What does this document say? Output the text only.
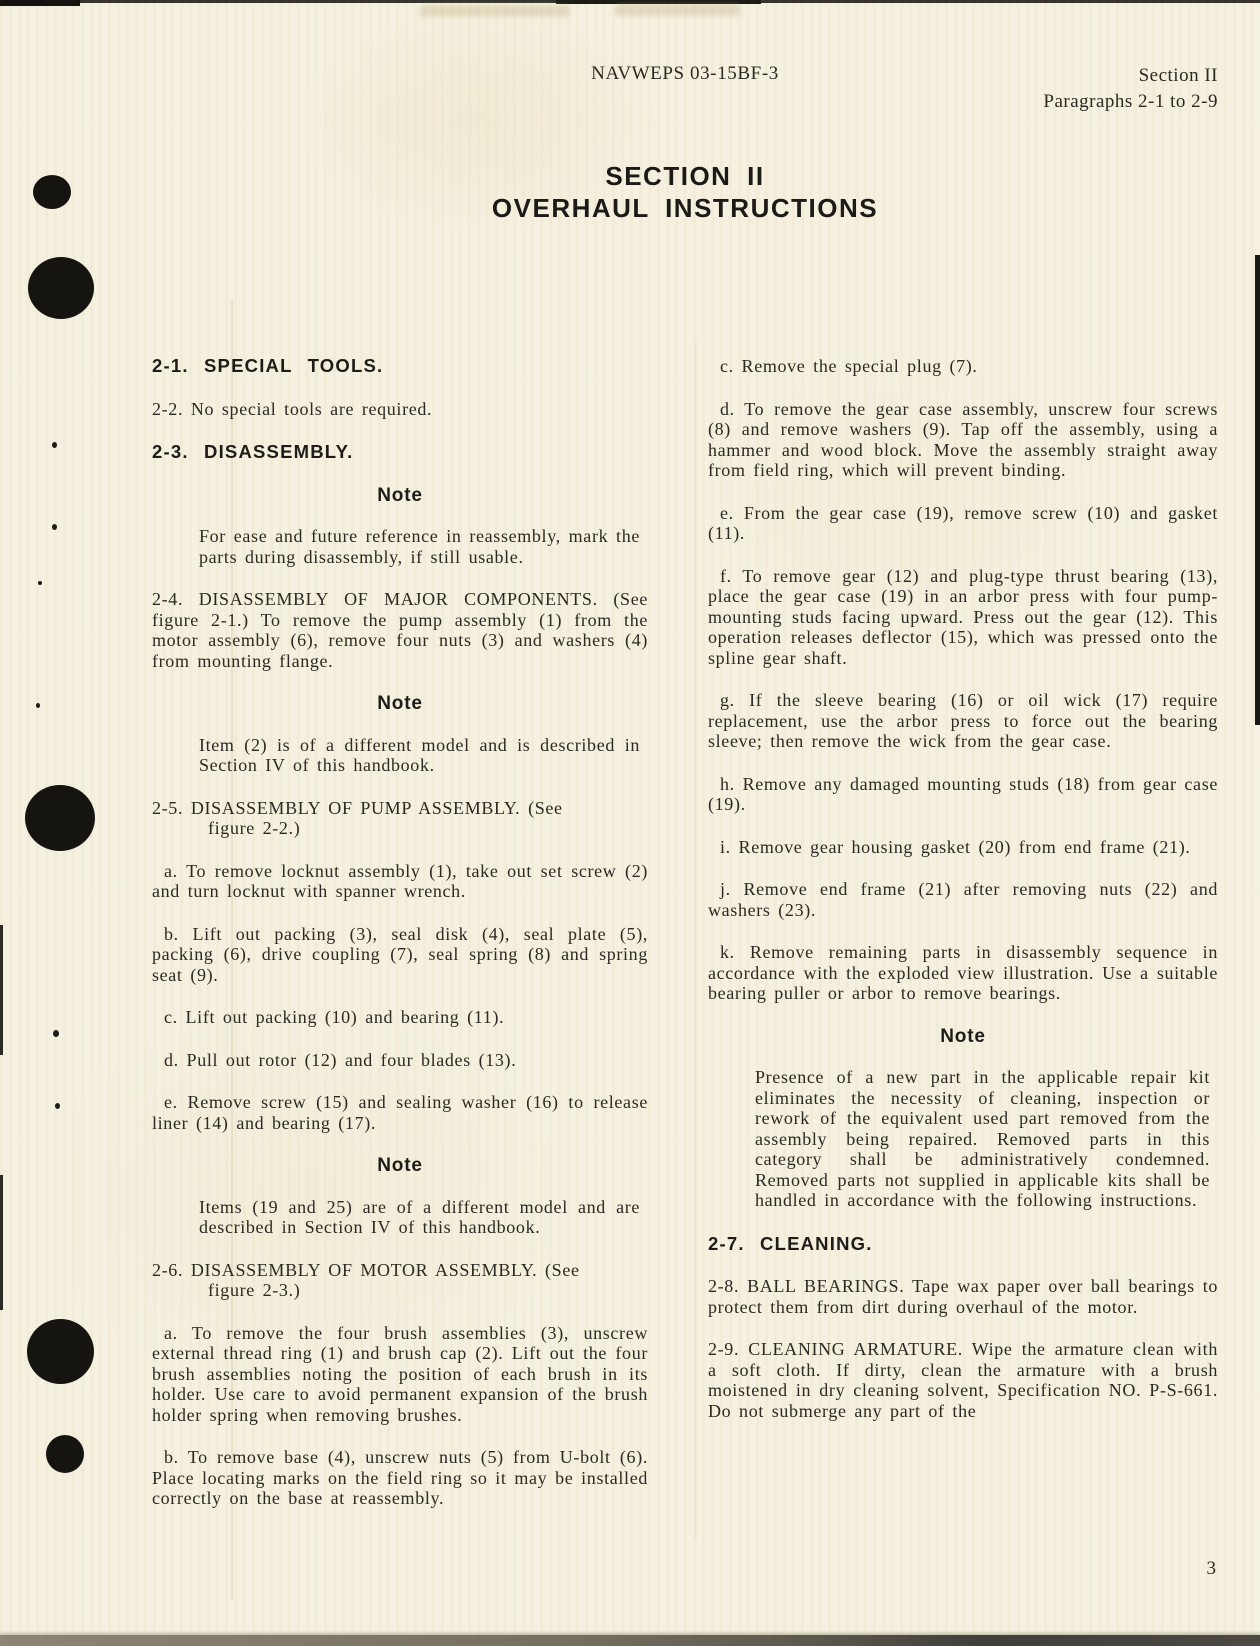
NAVWEPS 03-15BF-3	Section II
Paragraphs 2-1 to 2-9
SECTION II
OVERHAUL INSTRUCTIONS
2-1. SPECIAL TOOLS.
2-2. No special tools are required.
2-3. DISASSEMBLY.
Note
For ease and future reference in reassembly, mark the parts during disassembly, if still usable.
2-4. DISASSEMBLY OF MAJOR COMPONENTS. (See figure 2-1.) To remove the pump assembly (1) from the motor assembly (6), remove four nuts (3) and washers (4) from mounting flange.
Note
Item (2) is of a different model and is described in Section IV of this handbook.
2-5. DISASSEMBLY OF PUMP ASSEMBLY. (See
figure 2-2.)
a. To remove locknut assembly (1), take out set screw (2) and turn locknut with spanner wrench.
b. Lift out packing (3), seal disk (4), seal plate (5), packing (6), drive coupling (7), seal spring (8) and spring seat (9).
c. Lift out packing (10) and bearing (11).
d. Pull out rotor (12) and four blades (13).
e. Remove screw (15) and sealing washer (16) to release liner (14) and bearing (17).
Note
Items (19 and 25) are of a different model and are described in Section IV of this handbook.
2-6. DISASSEMBLY OF MOTOR ASSEMBLY. (See
figure 2-3.)
a. To remove the four brush assemblies (3), unscrew external thread ring (1) and brush cap (2). Lift out the four brush assemblies noting the position of each brush in its holder. Use care to avoid permanent expansion of the brush holder spring when removing brushes.
b. To remove base (4), unscrew nuts (5) from U-bolt (6). Place locating marks on the field ring so it may be installed correctly on the base at reassembly.
c. Remove the special plug (7).
d. To remove the gear case assembly, unscrew four screws (8) and remove washers (9). Tap off the assembly, using a hammer and wood block. Move the assembly straight away from field ring, which will prevent binding.
e. From the gear case (19), remove screw (10) and gasket (11).
f. To remove gear (12) and plug-type thrust bearing (13), place the gear case (19) in an arbor press with four pump-mounting studs facing upward. Press out the gear (12). This operation releases deflector (15), which was pressed onto the spline gear shaft.
g. If the sleeve bearing (16) or oil wick (17) require replacement, use the arbor press to force out the bearing sleeve; then remove the wick from the gear case.
h. Remove any damaged mounting studs (18) from gear case (19).
i. Remove gear housing gasket (20) from end frame (21).
j. Remove end frame (21) after removing nuts (22) and washers (23).
k. Remove remaining parts in disassembly sequence in accordance with the exploded view illustration. Use a suitable bearing puller or arbor to remove bearings.
Note
Presence of a new part in the applicable repair kit eliminates the necessity of cleaning, inspection or rework of the equivalent used part removed from the assembly being repaired. Removed parts in this category shall be administratively condemned. Removed parts not supplied in applicable kits shall be handled in accordance with the following instructions.
2-7. CLEANING.
2-8. BALL BEARINGS. Tape wax paper over ball bearings to protect them from dirt during overhaul of the motor.
2-9. CLEANING ARMATURE. Wipe the armature clean with a soft cloth. If dirty, clean the armature with a brush moistened in dry cleaning solvent, Specification NO. P-S-661. Do not submerge any part of the
3
